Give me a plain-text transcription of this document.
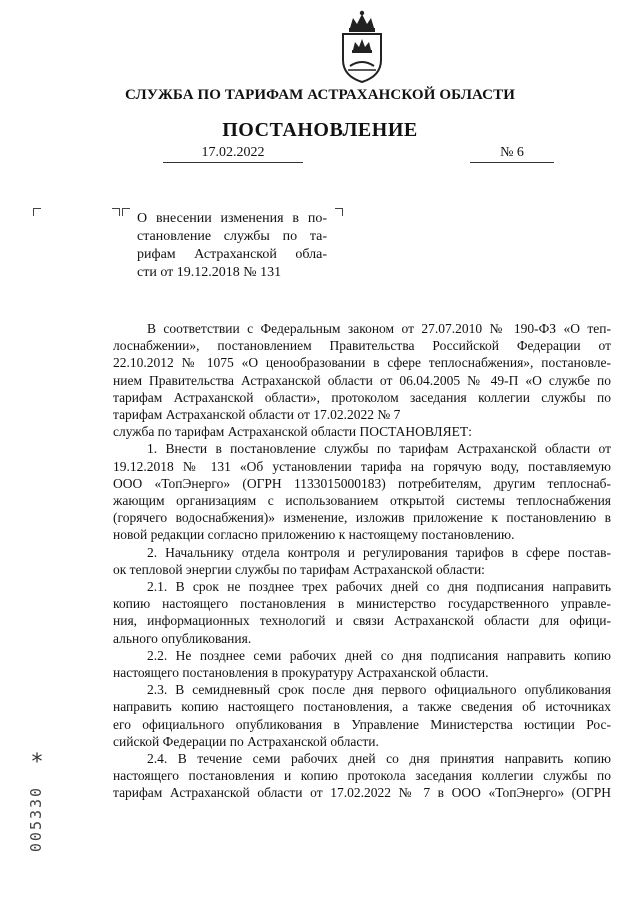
СЛУЖБА ПО ТАРИФАМ АСТРАХАНСКОЙ ОБЛАСТИ
ПОСТАНОВЛЕНИЕ
17.02.2022	№ 6
О внесении изменения в по-
становление службы по та-
рифам Астраханской обла-
сти от 19.12.2018 № 131
В соответствии с Федеральным законом от 27.07.2010 № 190-ФЗ «О теп-
лоснабжении», постановлением Правительства Российской Федерации от
22.10.2012 № 1075 «О ценообразовании в сфере теплоснабжения», постановле-
нием Правительства Астраханской области от 06.04.2005 № 49-П «О службе по
тарифам Астраханской области», протоколом заседания коллегии службы по
тарифам Астраханской области от 17.02.2022 № 7
служба по тарифам Астраханской области ПОСТАНОВЛЯЕТ:
1. Внести в постановление службы по тарифам Астраханской области от
19.12.2018 № 131 «Об установлении тарифа на горячую воду, поставляемую
ООО «ТопЭнерго» (ОГРН 1133015000183) потребителям, другим теплоснаб-
жающим организациям с использованием открытой системы теплоснабжения
(горячего водоснабжения)» изменение, изложив приложение к постановлению в
новой редакции согласно приложению к настоящему постановлению.
2. Начальнику отдела контроля и регулирования тарифов в сфере постав-
ок тепловой энергии службы по тарифам Астраханской области:
2.1. В срок не позднее трех рабочих дней со дня подписания направить
копию настоящего постановления в министерство государственного управле-
ния, информационных технологий и связи Астраханской области для офици-
ального опубликования.
2.2. Не позднее семи рабочих дней со дня подписания направить копию
настоящего постановления в прокуратуру Астраханской области.
2.3. В семидневный срок после дня первого официального опубликования
направить копию настоящего постановления, а также сведения об источниках
его официального опубликования в Управление Министерства юстиции Рос-
сийской Федерации по Астраханской области.
2.4. В течение семи рабочих дней со дня принятия направить копию
настоящего постановления и копию протокола заседания коллегии службы по
тарифам Астраханской области от 17.02.2022 № 7 в ООО «ТопЭнерго» (ОГРН
*
005330
